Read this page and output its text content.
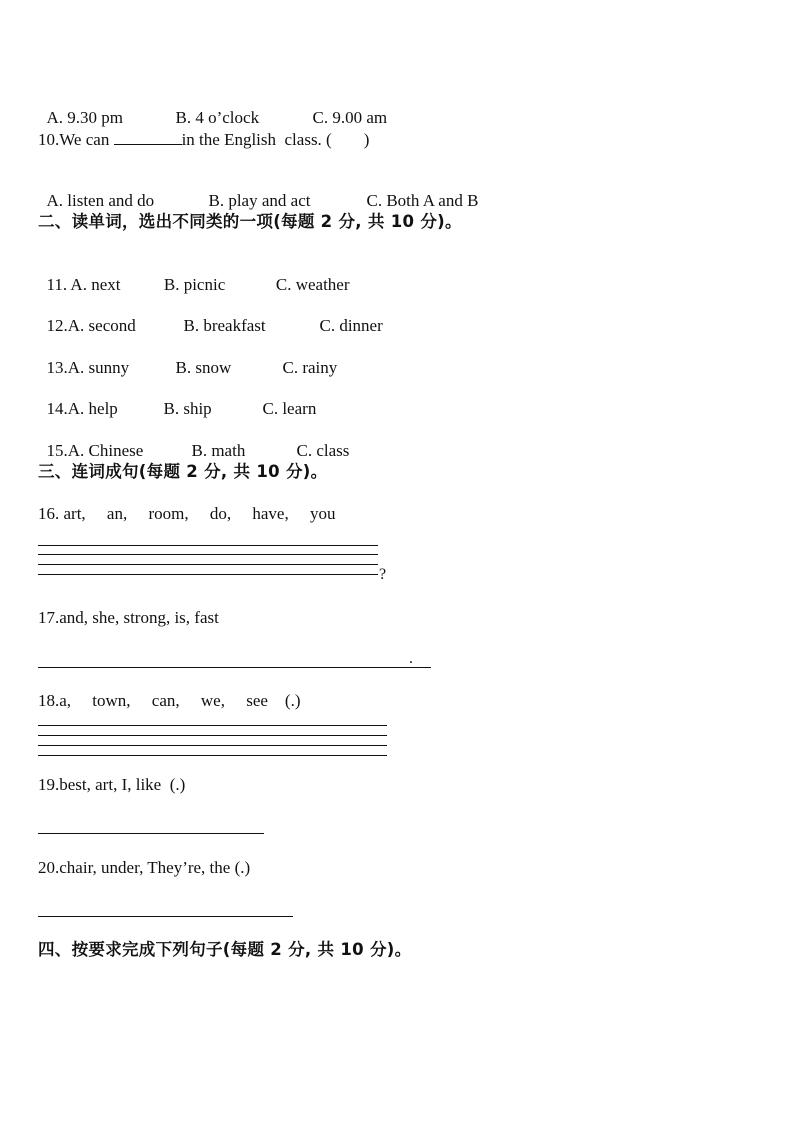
A. 9.30 pm	B. 4 o’clock	C. 9.00 am

10.We can	in the English  class. ( )

A. listen and do	B. play and act	C. Both A and B

二、读单词，选出不同类的一项(每题 2 分, 共 10 分)。

11. A. next	B. picnic	C. weather

12.A. second	B. breakfast	C. dinner

13.A. sunny	B. snow	C. rainy

14.A. help	B. ship	C. learn

15.A. Chinese	B. math	C. class

三、连词成句(每题 2 分, 共 10 分)。
16. art,     an,     room,     do,     have,     you
?
17.and, she, strong, is, fast
.
18.a,     town,     can,     we,     see    (.)
19.best, art, I, like  (.)
20.chair, under, They’re, the (.)
四、按要求完成下列句子(每题 2 分, 共 10 分)。
